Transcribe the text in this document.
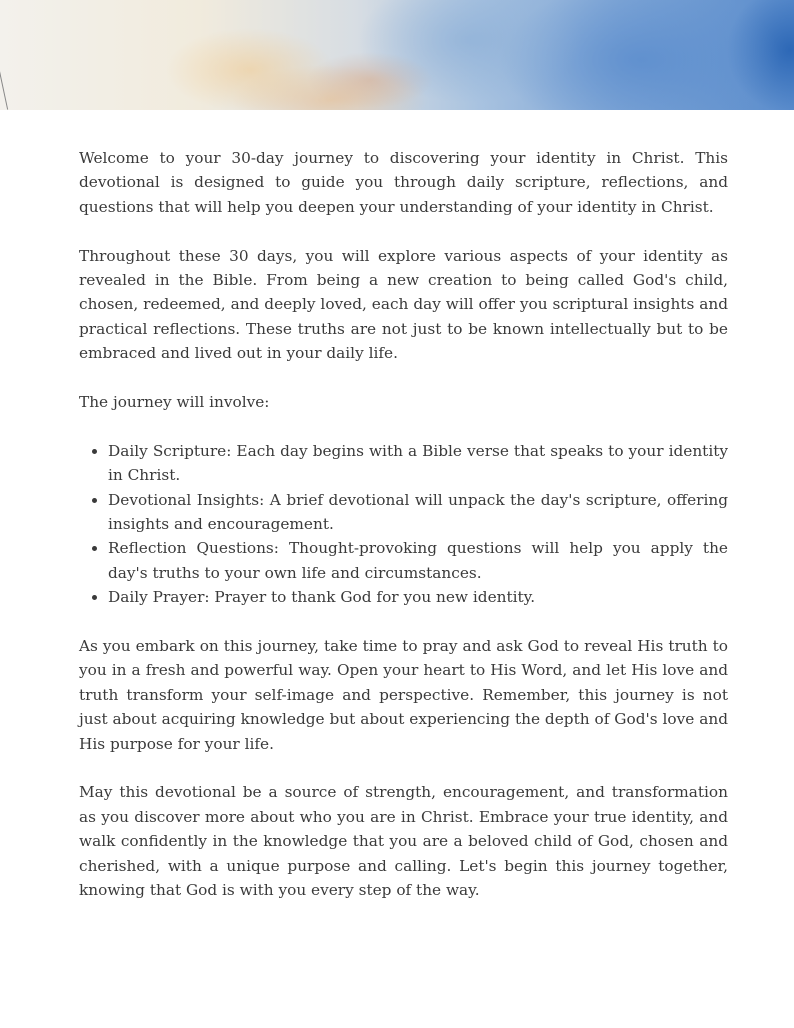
Welcome to your 30-day journey to discovering your identity in Christ. This devotional is designed to guide you through daily scripture, reflections, and questions that will help you deepen your understanding of your identity in Christ.

Throughout these 30 days, you will explore various aspects of your identity as revealed in the Bible. From being a new creation to being called God's child, chosen, redeemed, and deeply loved, each day will offer you scriptural insights and practical reflections. These truths are not just to be known intellectually but to be embraced and lived out in your daily life.

The journey will involve:

• Daily Scripture: Each day begins with a Bible verse that speaks to your identity in Christ.
• Devotional Insights: A brief devotional will unpack the day's scripture, offering insights and encouragement.
• Reflection Questions: Thought-provoking questions will help you apply the day's truths to your own life and circumstances.
• Daily Prayer: Prayer to thank God for you new identity.

As you embark on this journey, take time to pray and ask God to reveal His truth to you in a fresh and powerful way. Open your heart to His Word, and let His love and truth transform your self-image and perspective. Remember, this journey is not just about acquiring knowledge but about experiencing the depth of God's love and His purpose for your life.

May this devotional be a source of strength, encouragement, and transformation as you discover more about who you are in Christ. Embrace your true identity, and walk confidently in the knowledge that you are a beloved child of God, chosen and cherished, with a unique purpose and calling. Let's begin this journey together, knowing that God is with you every step of the way.
